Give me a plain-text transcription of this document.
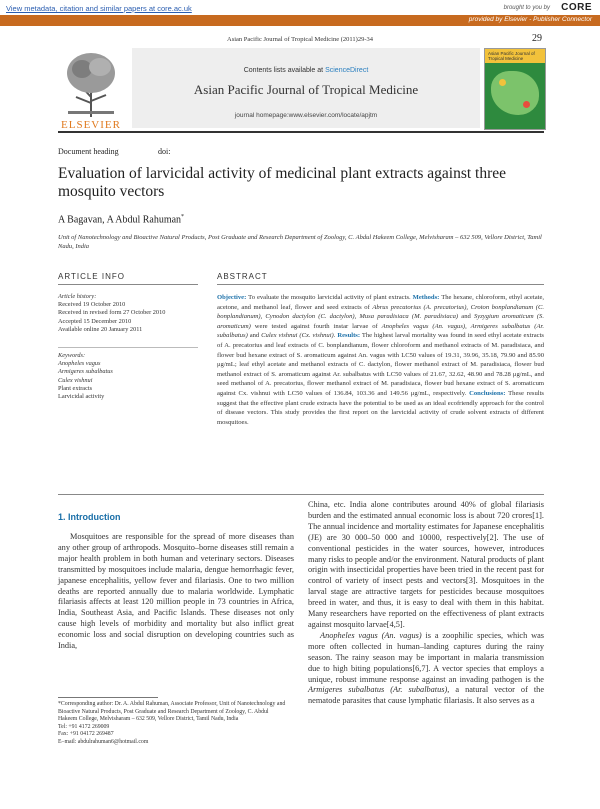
View metadata, citation and similar papers at core.ac.uk	brought to you by CORE
provided by Elsevier - Publisher Connector
Asian Pacific Journal of Tropical Medicine (2011)29-34	29
ELSEVIER
Contents lists available at ScienceDirect
Asian Pacific Journal of Tropical Medicine
journal homepage:www.elsevier.com/locate/apjtm
Asian Pacific Journal of Tropical Medicine
Document heading	doi:
Evaluation of larvicidal activity of medicinal plant extracts against three mosquito vectors
A Bagavan, A Abdul Rahuman*
Unit of Nanotechnology and Bioactive Natural Products, Post Graduate and Research Department of Zoology, C. Abdul Hakeem College, Melvisharam – 632 509, Vellore District, Tamil Nadu, India
ARTICLE INFO	ABSTRACT
Article history:
Received 19 October 2010
Received in revised form 27 October 2010
Accepted 15 December 2010
Available online 20 January 2011
Keywords:
Anopheles vagus
Armigeres subalbatus
Culex vishnui
Plant extracts
Larvicidal activity
Objective: To evaluate the mosquito larvicidal activity of plant extracts. Methods: The hexane, chloroform, ethyl acetate, acetone, and methanol leaf, flower and seed extracts of Abrus precatorius (A. precatorius), Croton bonplandianum (C. bonplandianum), Cynodon dactylon (C. dactylon), Musa paradisiaca (M. paradisiaca) and Syzygium aromaticum (S. aromaticum) were tested against fourth instar larvae of Anopheles vagus (An. vagus), Armigeres subalbatus (Ar. subalbatus) and Culex vishnui (Cx. vishnui). Results: The highest larval mortality was found in seed ethyl acetate extracts of A. precatorius and leaf extracts of C. bonplandianum, flower chloroform and methanol extracts of M. paradisiaca, and flower bud hexane extract of S. aromaticum against An. vagus with LC50 values of 19.31, 39.96, 35.18, 79.90 and 85.90 μg/mL; leaf ethyl acetate and methanol extracts of C. dactylon, flower methanol extract of M. paradisiaca, flower bud methanol extract of S. aromaticum against Ar. subalbatus with LC50 values of 21.67, 32.62, 48.90 and 78.28 μg/mL, and seed methanol of A. precatorius, flower methanol extract of M. paradisiaca, flower bud hexane extract of S. aromaticum against Cx. vishnui with LC50 values of 136.84, 103.36 and 149.56 μg/mL, respectively. Conclusions: These results suggest that the effective plant crude extracts have the potential to be used as an ideal ecofriendly approach for the control of disease vectors. This study provides the first report on the larvicidal activity of crude solvent extracts of different mosquitoes.
1. Introduction
Mosquitoes are responsible for the spread of more diseases than any other group of arthropods. Mosquito–borne diseases still remain a major health problem in both human and veterinary sectors. Diseases transmitted by mosquitoes include malaria, dengue hemorrhagic fever, japanese encephalitis, yellow fever and filariasis. One to two million deaths are reported annually due to malaria worldwide. Lymphatic filariasis affects at least 120 million people in 73 countries in Africa, India, Southeast Asia, and Pacific Islands. These diseases not only cause high levels of morbidity and mortality but also inflict great economic loss and social disruption on developing countries such as India,
China, etc. India alone contributes around 40% of global filariasis burden and the estimated annual economic loss is about 720 crores[1]. The annual incidence and mortality estimates for Japanese encephalitis (JE) are 30 000–50 000 and 10000, respectively[2]. The use of conventional pesticides in the water sources, however, introduces many risks to people and/or the environment. Natural products of plant origin with insecticidal properties have been tried in the recent past for control of variety of insect pests and vectors[3]. Mosquitoes in the larval stage are attractive targets for pesticides because mosquitoes breed in water, and thus, it is easy to deal with them in this habitat. Many researchers have reported on the effectiveness of plant extracts against mosquito larvae[4,5].
Anopheles vagus (An. vagus) is a zoophilic species, which was more often collected in human–landing captures during the rainy season. The rainy season may be important in malaria transmission due to high biting populations[6,7]. A vector species that employs a unique, robust immune response against an invading pathogen is the Armigeres subalbatus (Ar. subalbatus), a natural vector of the nematode parasites that cause lymphatic filariasis. It also serves as a
*Corresponding author: Dr. A. Abdul Rahuman, Associate Professor, Unit of Nanotechnology and Bioactive Natural Products, Post Graduate and Research Department of Zoology, C. Abdul Hakeem College, Melvisharam – 632 509, Vellore District, Tamil Nadu, India
Tel: +91 4172 269009
Fax: +91 04172 269487
E–mail: abdulrahuman6@hotmail.com
